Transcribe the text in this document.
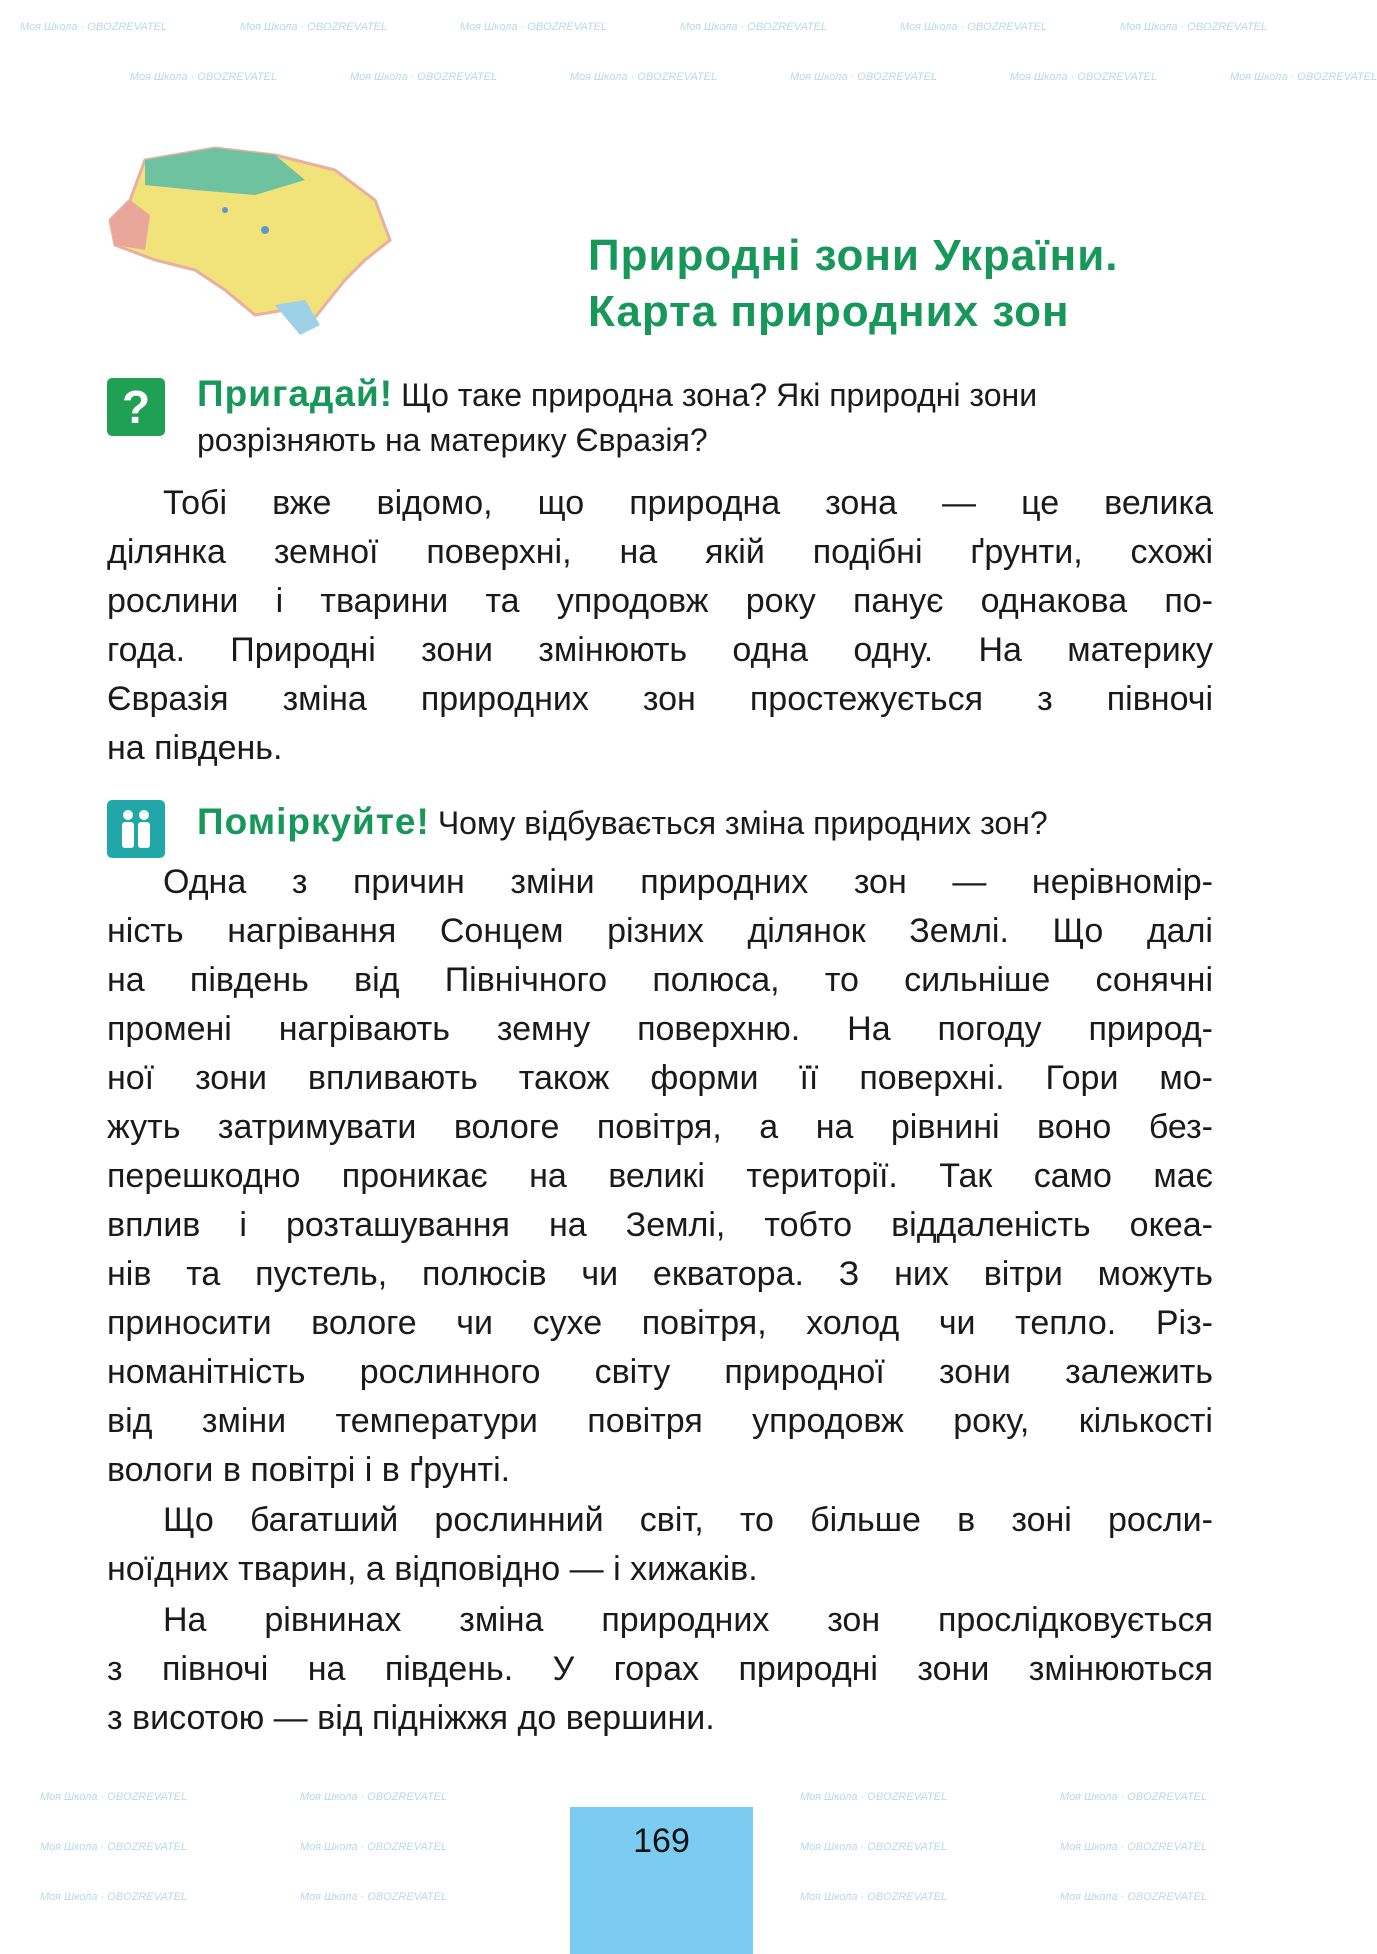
Природні зони України.
Карта природних зон
?	Пригадай! Що таке природна зона? Які природні зони
розрізняють на материку Євразія?
Тобі вже відомо, що природна зона — це велика
ділянка земної поверхні, на якій подібні ґрунти, схожі
рослини і тварини та упродовж року панує однакова по-
года. Природні зони змінюють одна одну. На материку
Євразія зміна природних зон простежується з півночі
на південь.
Поміркуйте! Чому відбувається зміна природних зон?
Одна з причин зміни природних зон — нерівномір-
ність нагрівання Сонцем різних ділянок Землі. Що далі
на південь від Північного полюса, то сильніше сонячні
промені нагрівають земну поверхню. На погоду природ-
ної зони впливають також форми її поверхні. Гори мо-
жуть затримувати вологе повітря, а на рівнині воно без-
перешкодно проникає на великі території. Так само має
вплив і розташування на Землі, тобто віддаленість океа-
нів та пустель, полюсів чи екватора. З них вітри можуть
приносити вологе чи сухе повітря, холод чи тепло. Різ-
номанітність рослинного світу природної зони залежить
від зміни температури повітря упродовж року, кількості
вологи в повітрі і в ґрунті.
Що багатший рослинний світ, то більше в зоні росли-
ноїдних тварин, а відповідно — і хижаків.
На рівнинах зміна природних зон прослідковується
з півночі на південь. У горах природні зони змінюються
з висотою — від підніжжя до вершини.
169
Моя Школа · OBOZREVATEL	Моя Школа · OBOZREVATEL	Моя Школа · OBOZREVATEL	Моя Школа · OBOZREVATEL	Моя Школа · OBOZREVATEL	Моя Школа · OBOZREVATEL
Моя Школа · OBOZREVATEL	Моя Школа · OBOZREVATEL	Моя Школа · OBOZREVATEL	Моя Школа · OBOZREVATEL	Моя Школа · OBOZREVATEL	Моя Школа · OBOZREVATEL
Моя Школа · OBOZREVATEL	Моя Школа · OBOZREVATEL	Моя Школа · OBOZREVATEL	Моя Школа · OBOZREVATEL
Моя Школа · OBOZREVATEL	Моя Школа · OBOZREVATEL	Моя Школа · OBOZREVATEL	Моя Школа · OBOZREVATEL
Моя Школа · OBOZREVATEL	Моя Школа · OBOZREVATEL	Моя Школа · OBOZREVATEL	Моя Школа · OBOZREVATEL
